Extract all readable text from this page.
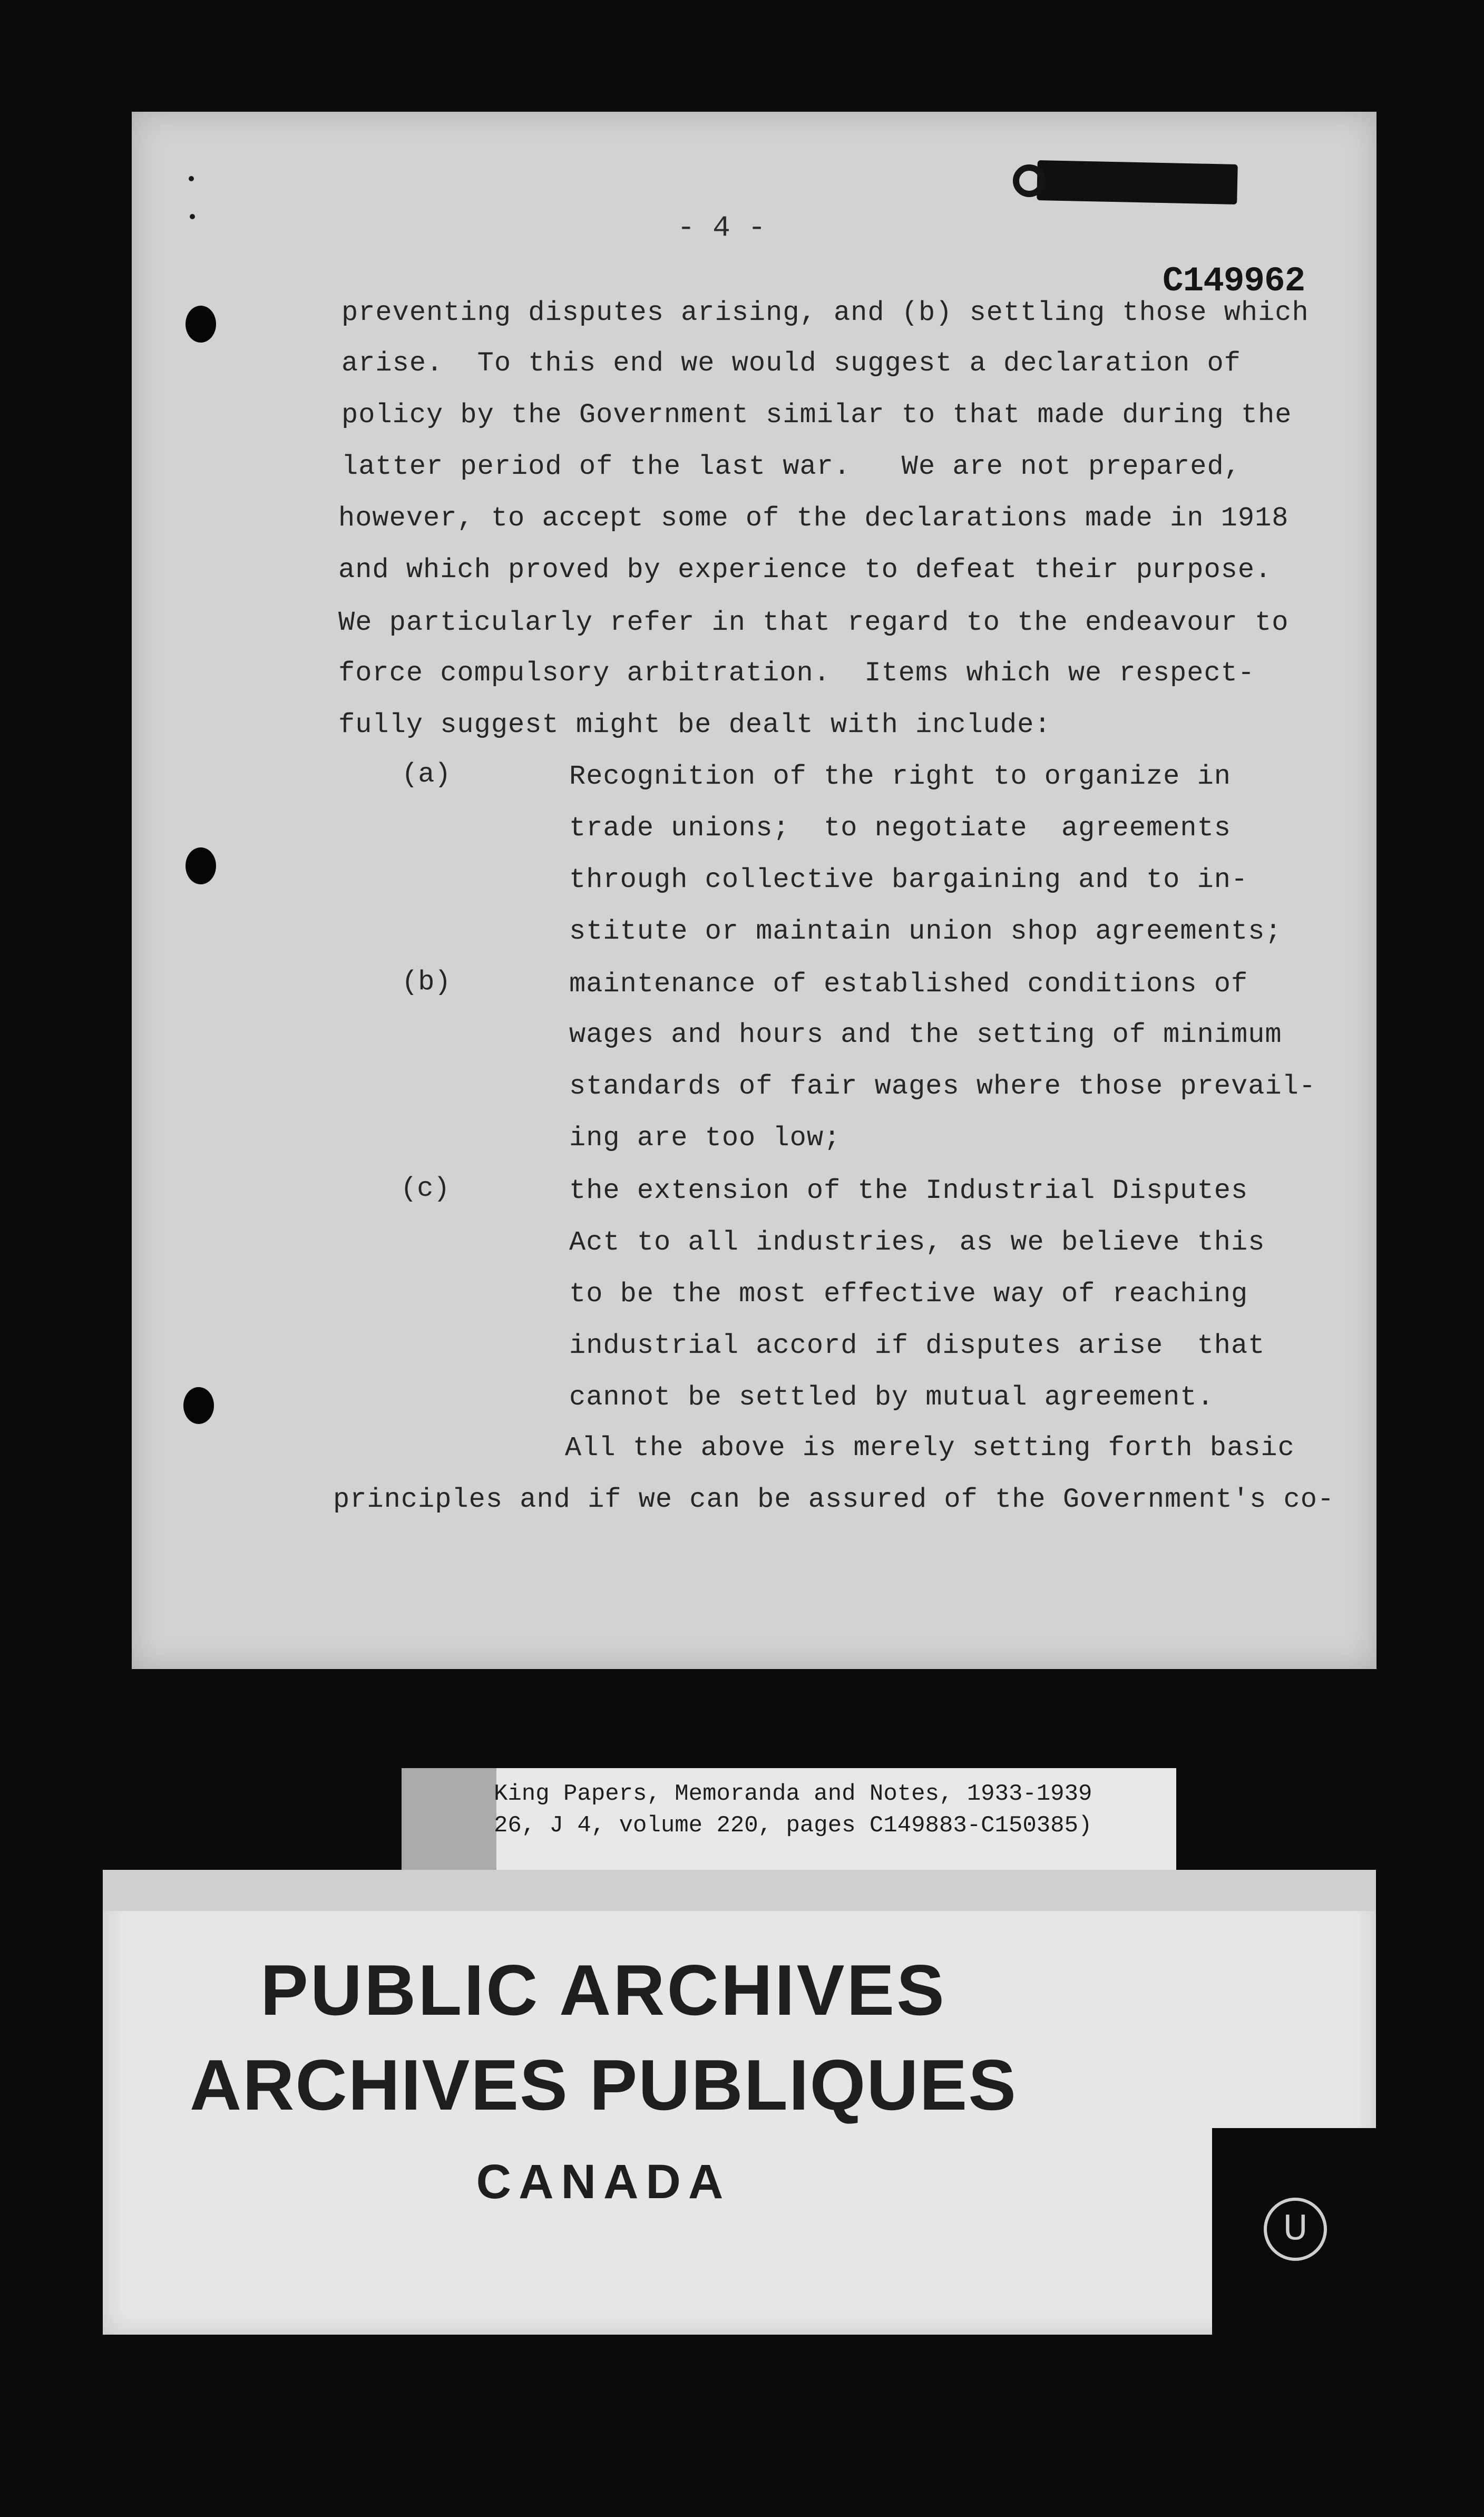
- 4 -
C149962
preventing disputes arising, and (b) settling those which
arise.  To this end we would suggest a declaration of
policy by the Government similar to that made during the
latter period of the last war.   We are not prepared,
however, to accept some of the declarations made in 1918
and which proved by experience to defeat their purpose.
We particularly refer in that regard to the endeavour to
force compulsory arbitration.  Items which we respect-
fully suggest might be dealt with include:
(a)	Recognition of the right to organize in
trade unions;  to negotiate  agreements
through collective bargaining and to in-
stitute or maintain union shop agreements;
(b)	maintenance of established conditions of
wages and hours and the setting of minimum
standards of fair wages where those prevail-
ing are too low;
(c)	the extension of the Industrial Disputes
Act to all industries, as we believe this
to be the most effective way of reaching
industrial accord if disputes arise  that
cannot be settled by mutual agreement.
All the above is merely setting forth basic
principles and if we can be assured of the Government's co-
King Papers, Memoranda and Notes, 1933-1939
26, J 4, volume 220, pages C149883-C150385)
PUBLIC ARCHIVES
ARCHIVES PUBLIQUES
CANADA
U
